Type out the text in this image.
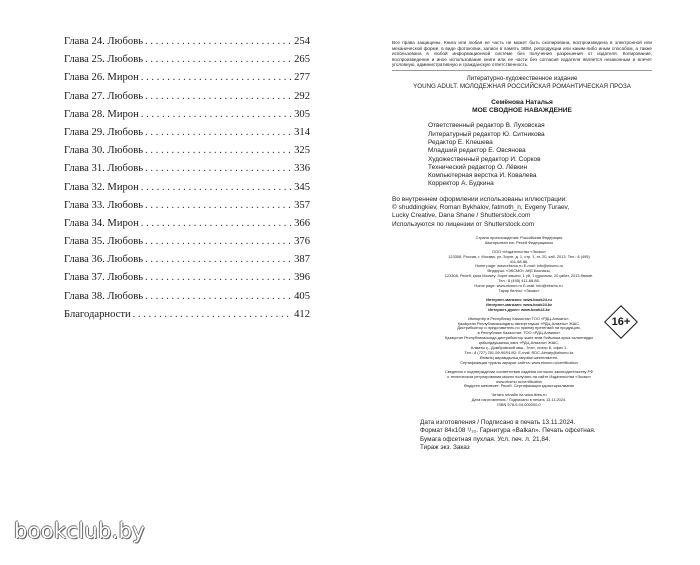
Глава 24. Любовь . . .	254
Глава 25. Любовь . . .	265
Глава 26. Мирон . . .	277
Глава 27. Любовь . . .	292
Глава 28. Мирон . . .	305
Глава 29. Любовь . . .	314
Глава 30. Любовь . . .	325
Глава 31. Любовь . . .	336
Глава 32. Мирон . . .	345
Глава 33. Любовь . . .	357
Глава 34. Мирон . . .	366
Глава 35. Любовь . . .	376
Глава 36. Любовь . . .	387
Глава 37. Любовь . . .	396
Глава 38. Любовь . . .	405
Благодарности . . .	412
Все права защищены. Книга или любая ее часть не может быть скопирована, воспроизведена в электронной или механической форме, в виде фотокопии, записи в память ЭВМ, репродукции или каким-либо иным способом, а также использована в любой информационной системе без получения разрешения от издателя. Копирование, воспроизведение и иное использование книги или ее части без согласия издателя является незаконным и влечет уголовную, административную и гражданскую ответственность.
Литературно-художественное издание
YOUNG ADULT. МОЛОДЕЖНАЯ РОССИЙСКАЯ РОМАНТИЧЕСКАЯ ПРОЗА
Семёнова Наталья
МОЕ СВОДНОЕ НАВАЖДЕНИЕ
Ответственный редактор В. Луховская
Литературный редактор Ю. Ситникова
Редактор Е. Клешева
Младший редактор Е. Овсянова
Художественный редактор И. Сорков
Технический редактор О. Лёвкин
Компьютерная верстка И. Ковалева
Корректор А. Будкина
Во внутреннем оформлении использованы иллюстрации:
© shuddingkiev, Roman Bykhalov, fatmoth_n, Evgeny Turaev,
Lucky Creative, Dana Shane / Shutterstock.com
Используются по лицензии от Shutterstock.com
Страна происхождения: Российская Федерация
Шығарылған елі: Ресей Федерациясы
ООО «Издательство «Эксмо»
123308, Россия, г. Москва, ул. Зорге, д. 1, стр. 1, эт. 20, каб. 2013. Тел.: 8 (495) 411-68-86.
Home page: www.eksmo.ru E-mail: info@eksmo.ru
Өндіруші: «ЭКСМО» АҚБ Баспасы,
123308, Ресей, қала Мәскеу, Зорге көшесі, 1 үй, 1 құрылым, 20 қабат, 2013 бөлме.
Тел.: 8 (495) 411-68-86.
Home page: www.eksmo.ru E-mail: info@eksmo.ru.
Тауар белгісі: «Эксмо»
Интернет-магазин: www.book24.ru
Интернет-магазин: www.book24.kz
Интернет-дүкен: www.book24.kz
Импортёр в Республику Казахстан ТОО «РДЦ-Алматы».
Қазақстан Республикасындағы импорттаушы «РДЦ-Алматы» ЖШС.
Дистрибьютор и представитель по приему претензий на продукцию,
в Республике Казахстан: ТОО «РДЦ-Алматы»
Қазақстан Республикасында дистрибьютор және өнім бойынша арыз-талаптарды
қабылдаушының өкілі «РДЦ-Алматы» ЖШС,
Алматы қ., Домбровский көш., 3«а», литер Б, офис 1.
Тел.: 8 (727) 251-59-90/91/92; E-mail: RDC-Almaty@eksmo.kz
Өнімнің жарамдылық мерзімі шектелмеген.
Сертификация туралы ақпарат сайтта: www.eksmo.ru/certification
Сведения о подтверждении соответствия издания согласно законодательству РФ
о техническом регулировании можно получить на сайте Издательства «Эксмо»
www.eksmo.ru/certification
Өндірген мемлекет: Ресей. Сертификация қарастырылмаған
Читать онлайн на www.litres.ru
Дата изготовления / Подписано в печать 13.11.2024.
ISBN 978-5-04-000000-0
Дата изготовления / Подписано в печать 13.11.2024.
Формат 84x108 ¹/₃₂. Гарнитура «Balkan». Печать офсетная.
Бумага офсетная пухлая. Усл. печ. л. 21,84.
Тираж экз. Заказ
16+
bookclub.by
